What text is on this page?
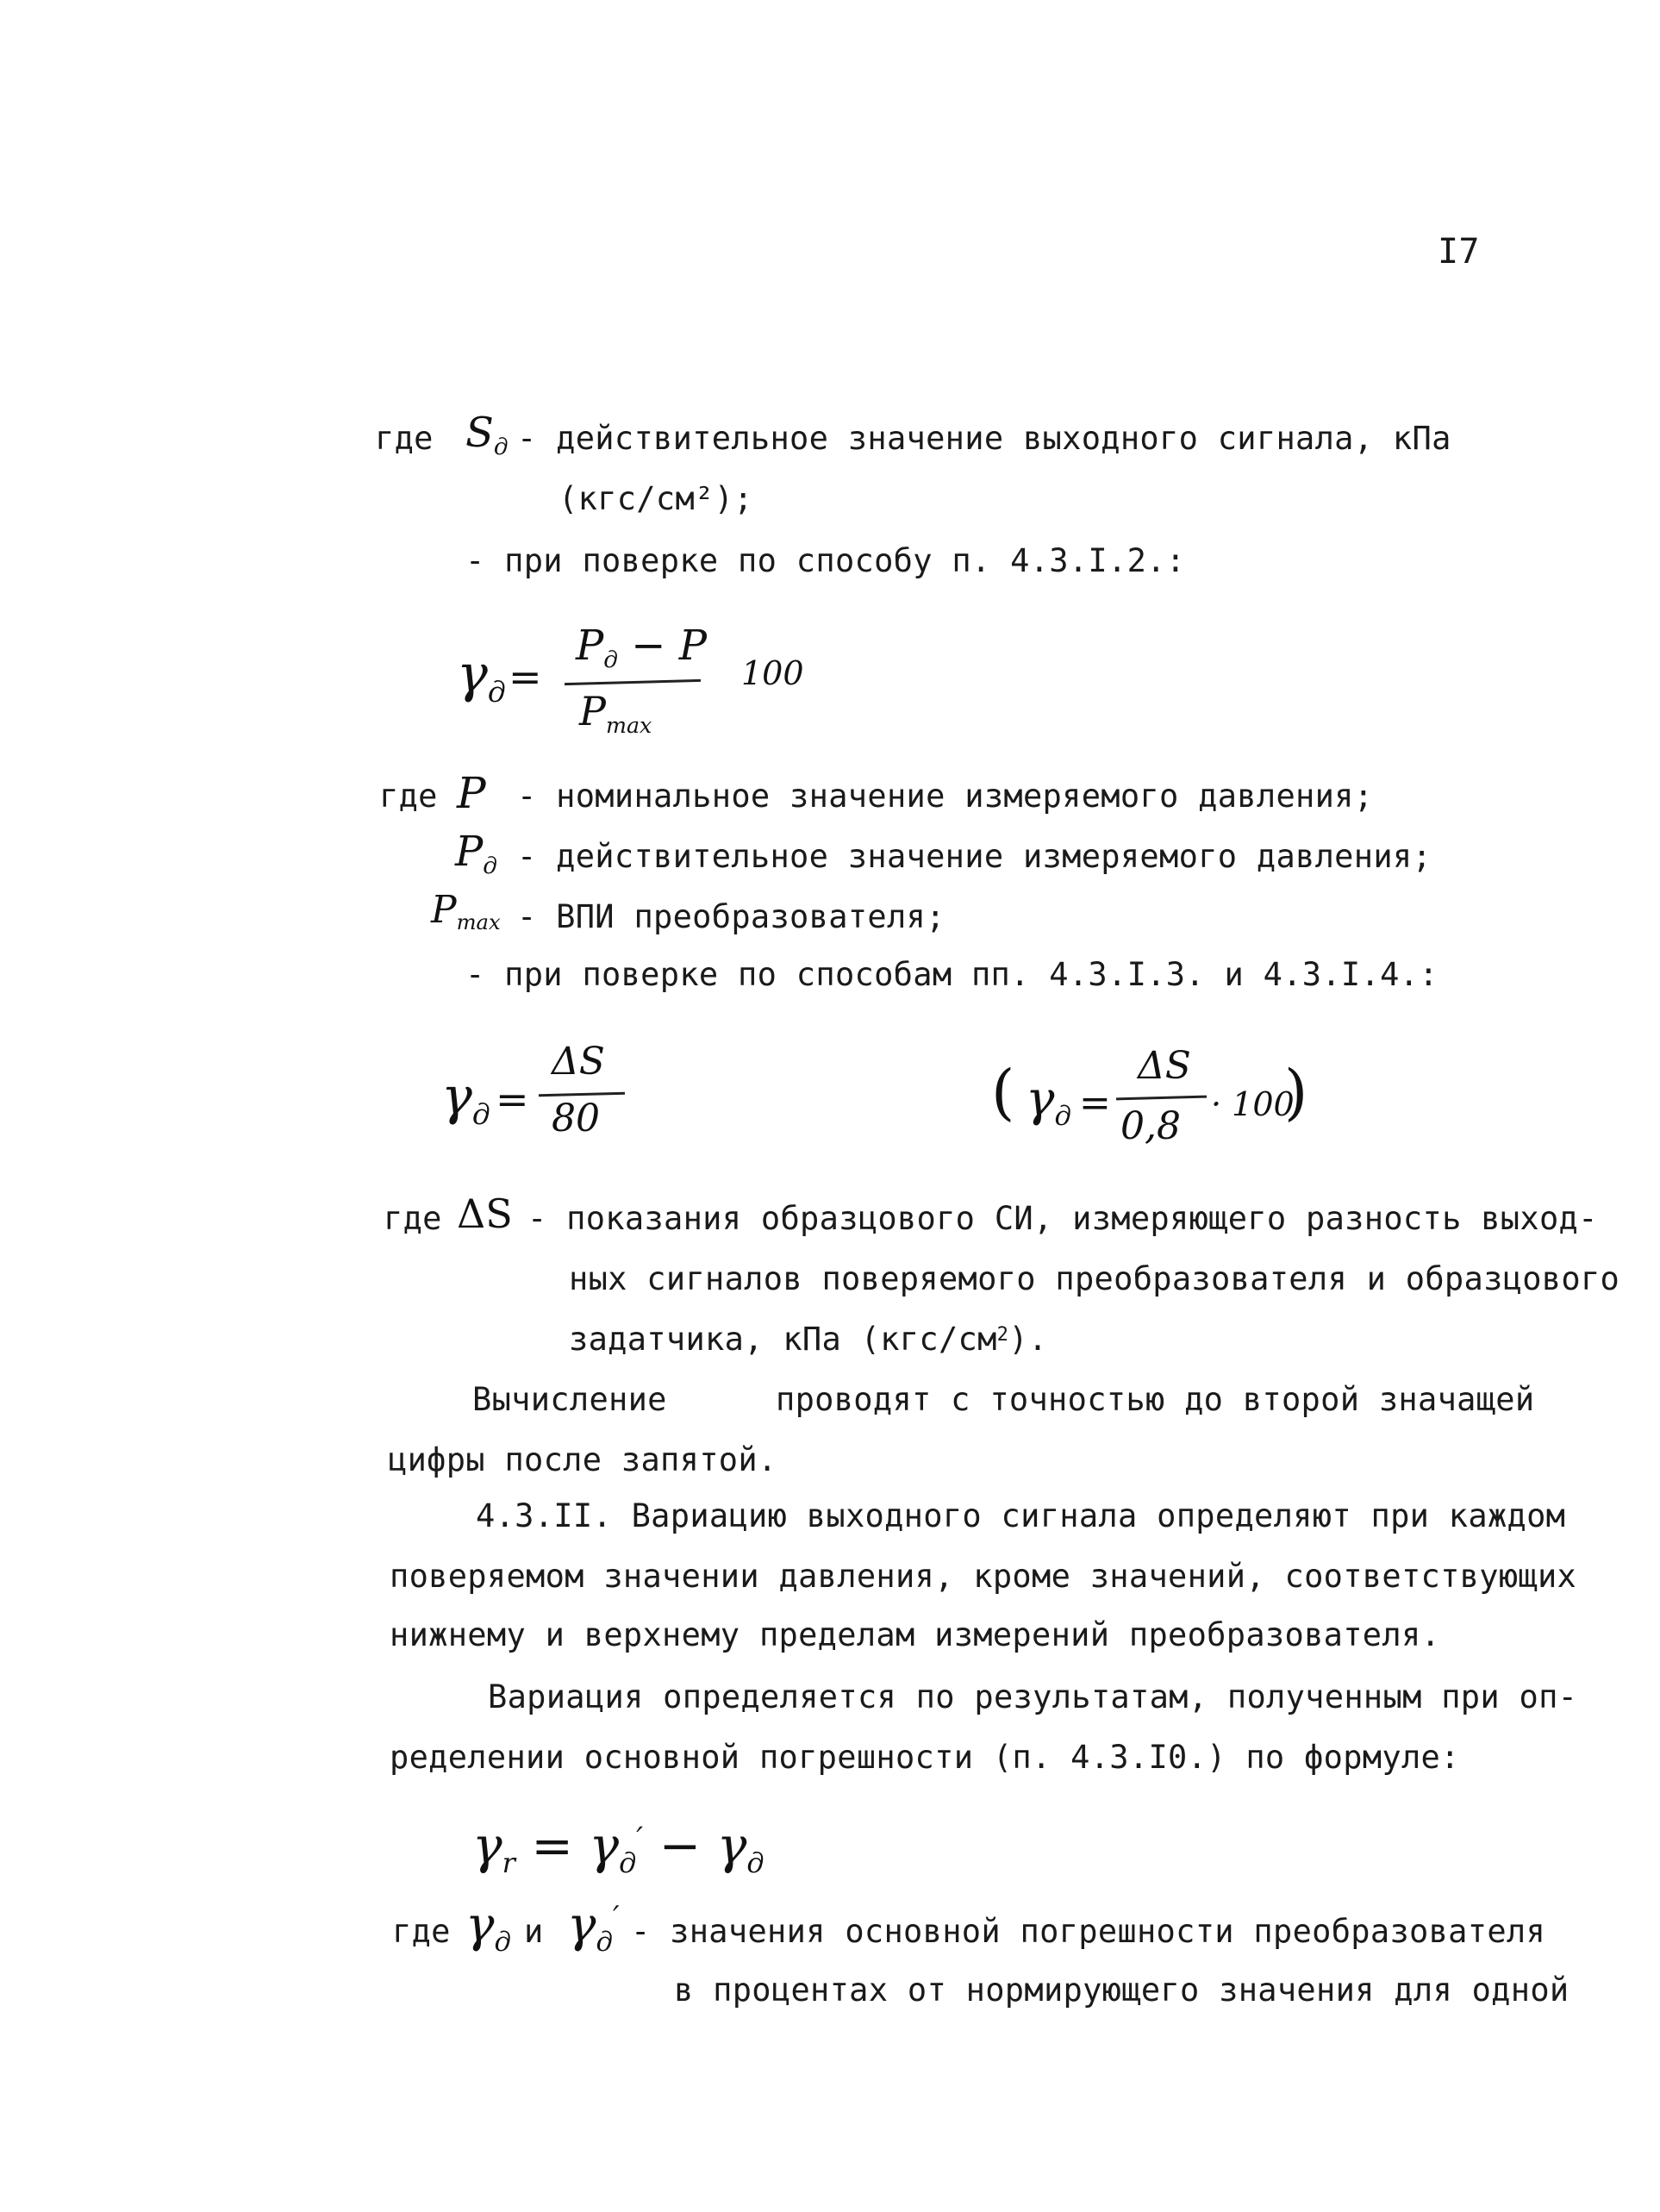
I7
где Sд - действительное значение выходного сигнала, кПа
(кгс/см²);
- при поверке по способу п. 4.3.I.2.:
γд =
Pд − P
Pmax
100
где P - номинальное значение измеряемого давления;
Pд - действительное значение измеряемого давления;
Pmax - ВПИ преобразователя;
- при поверке по способам пп. 4.3.I.3. и 4.3.I.4.:
γд =
ΔS
80	( γд =
ΔS
0,8 · 100
)
где ΔS - показания образцового СИ, измеряющего разность выход-
ных сигналов поверяемого преобразователя и образцового
задатчика, кПа $(кгс/см^2)$.
Вычисление	проводят с точностью до второй значащей
цифры после запятой.
4.3.II. Вариацию выходного сигнала определяют при каждом
поверяемом значении давления, кроме значений, соответствующих
нижнему и верхнему пределам измерений преобразователя.
Вариация определяется по результатам, полученным при оп-
ределении основной погрешности (п. 4.3.I0.) по формуле:
γr = γд′ − γд
где γд и γд′ - значения основной погрешности преобразователя
в процентах от нормирующего значения для одной
